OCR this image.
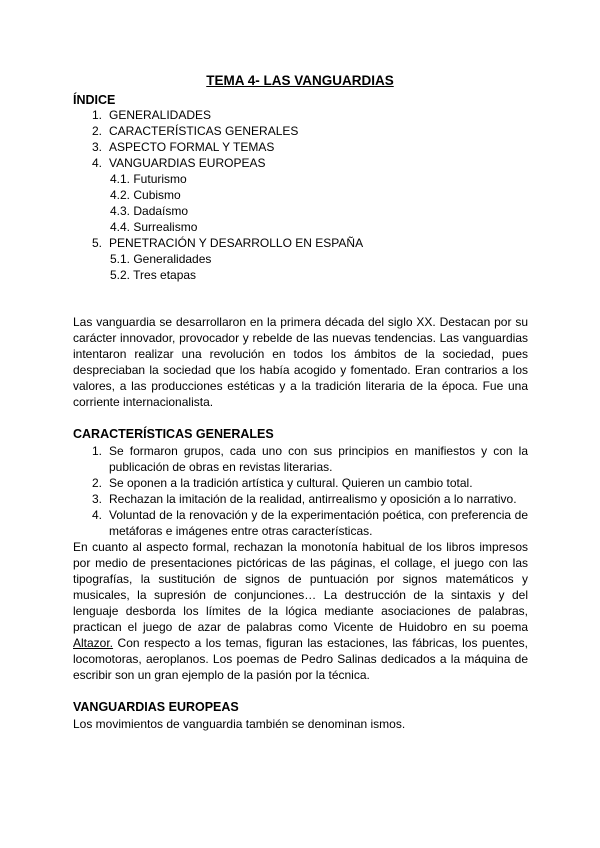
TEMA 4- LAS VANGUARDIAS
ÍNDICE
1. GENERALIDADES
2. CARACTERÍSTICAS GENERALES
3. ASPECTO FORMAL Y TEMAS
4. VANGUARDIAS EUROPEAS
4.1. Futurismo
4.2. Cubismo
4.3. Dadaísmo
4.4. Surrealismo
5. PENETRACIÓN Y DESARROLLO EN ESPAÑA
5.1. Generalidades
5.2. Tres etapas
Las vanguardia se desarrollaron en la primera década del siglo XX. Destacan por su carácter innovador, provocador y rebelde de las nuevas tendencias. Las vanguardias intentaron realizar una revolución en todos los ámbitos de la sociedad, pues despreciaban la sociedad que los había acogido y fomentado. Eran contrarios a los valores, a las producciones estéticas y a la tradición literaria de la época. Fue una corriente internacionalista.
CARACTERÍSTICAS GENERALES
1. Se formaron grupos, cada uno con sus principios en manifiestos y con la publicación de obras en revistas literarias.
2. Se oponen a la tradición artística y cultural. Quieren un cambio total.
3. Rechazan la imitación de la realidad, antirrealismo y oposición a lo narrativo.
4. Voluntad de la renovación y de la experimentación poética, con preferencia de metáforas e imágenes entre otras características.
En cuanto al aspecto formal, rechazan la monotonía habitual de los libros impresos por medio de presentaciones pictóricas de las páginas, el collage, el juego con las tipografías, la sustitución de signos de puntuación por signos matemáticos y musicales, la supresión de conjunciones… La destrucción de la sintaxis y del lenguaje desborda los límites de la lógica mediante asociaciones de palabras, practican el juego de azar de palabras como Vicente de Huidobro en su poema Altazor. Con respecto a los temas, figuran las estaciones, las fábricas, los puentes, locomotoras, aeroplanos. Los poemas de Pedro Salinas dedicados a la máquina de escribir son un gran ejemplo de la pasión por la técnica.
VANGUARDIAS EUROPEAS
Los movimientos de vanguardia también se denominan ismos.
